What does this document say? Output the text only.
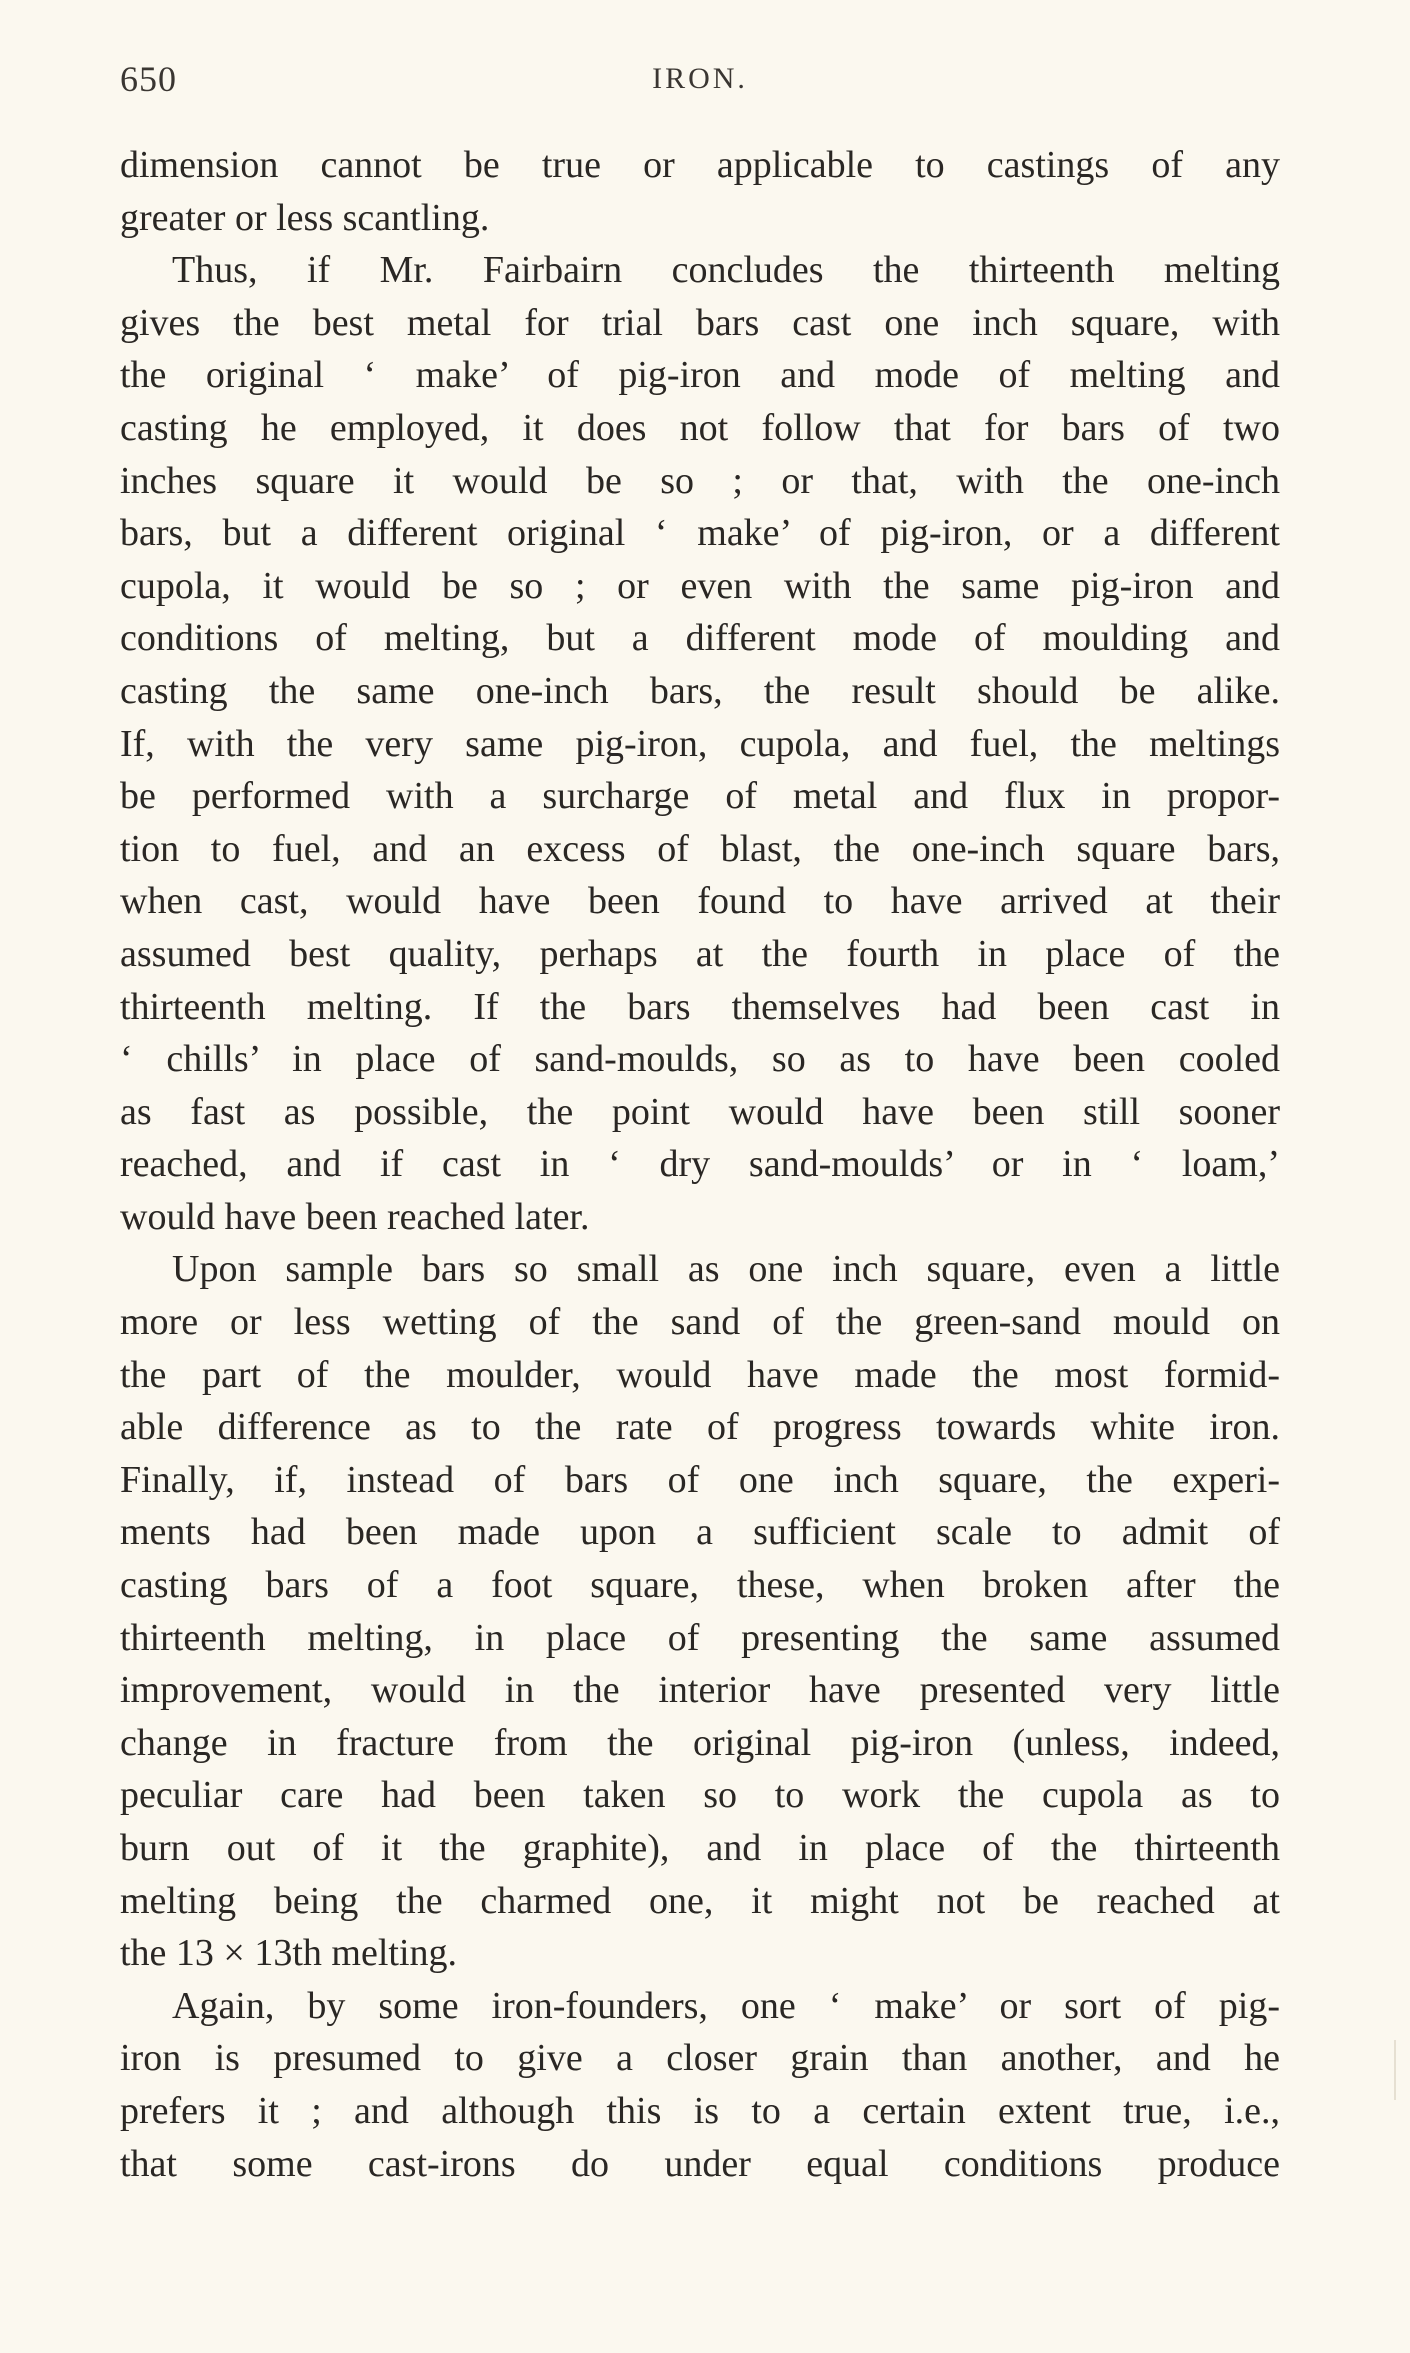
650	IRON.
dimension cannot be true or applicable to castings of any
greater or less scantling.
Thus, if Mr. Fairbairn concludes the thirteenth melting
gives the best metal for trial bars cast one inch square, with
the original ‘ make’ of pig-iron and mode of melting and
casting he employed, it does not follow that for bars of two
inches square it would be so ; or that, with the one-inch
bars, but a different original ‘ make’ of pig-iron, or a different
cupola, it would be so ; or even with the same pig-iron and
conditions of melting, but a different mode of moulding and
casting the same one-inch bars, the result should be alike.
If, with the very same pig-iron, cupola, and fuel, the meltings
be performed with a surcharge of metal and flux in propor-
tion to fuel, and an excess of blast, the one-inch square bars,
when cast, would have been found to have arrived at their
assumed best quality, perhaps at the fourth in place of the
thirteenth melting. If the bars themselves had been cast in
‘ chills’ in place of sand-moulds, so as to have been cooled
as fast as possible, the point would have been still sooner
reached, and if cast in ‘ dry sand-moulds’ or in ‘ loam,’
would have been reached later.
Upon sample bars so small as one inch square, even a little
more or less wetting of the sand of the green-sand mould on
the part of the moulder, would have made the most formid-
able difference as to the rate of progress towards white iron.
Finally, if, instead of bars of one inch square, the experi-
ments had been made upon a sufficient scale to admit of
casting bars of a foot square, these, when broken after the
thirteenth melting, in place of presenting the same assumed
improvement, would in the interior have presented very little
change in fracture from the original pig-iron (unless, indeed,
peculiar care had been taken so to work the cupola as to
burn out of it the graphite), and in place of the thirteenth
melting being the charmed one, it might not be reached at
the 13 × 13th melting.
Again, by some iron-founders, one ‘ make’ or sort of pig-
iron is presumed to give a closer grain than another, and he
prefers it ; and although this is to a certain extent true, i.e.,
that some cast-irons do under equal conditions produce
